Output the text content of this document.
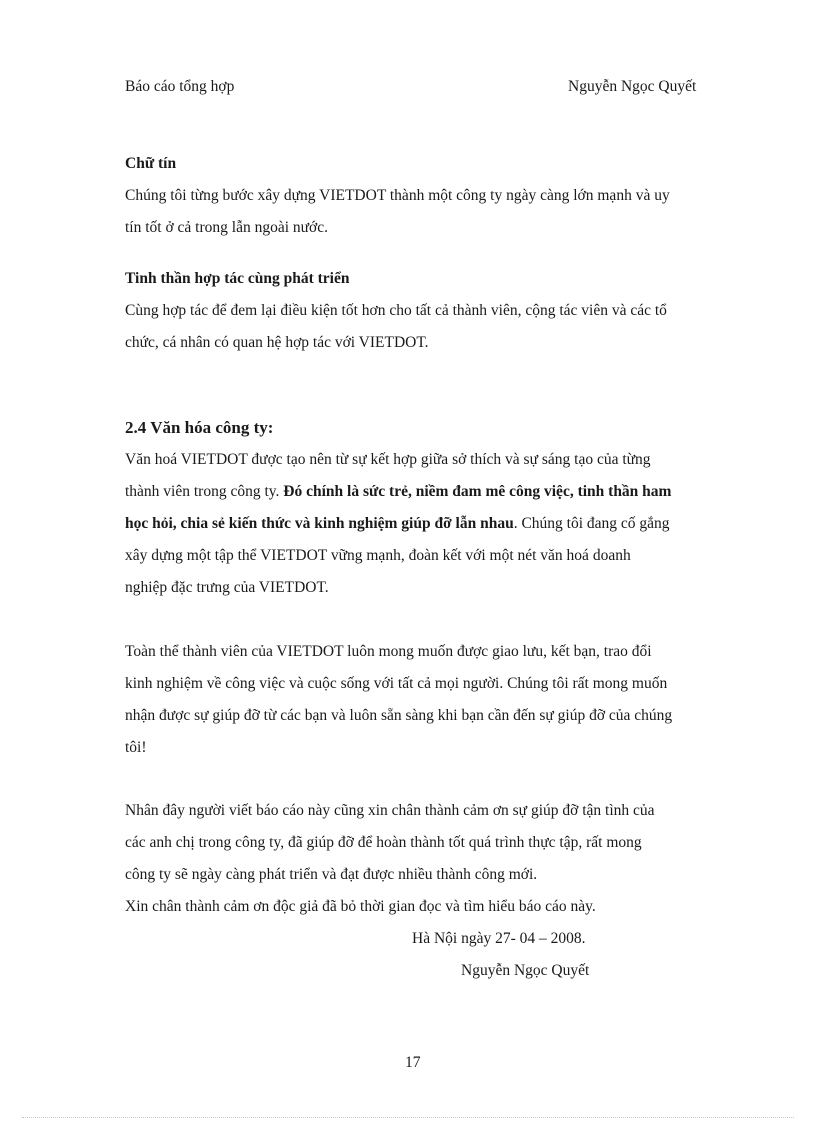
Báo cáo tổng hợp	Nguyễn Ngọc Quyết
Chữ tín
Chúng tôi từng bước xây dựng VIETDOT thành một công ty ngày càng lớn mạnh và uy
tín tốt ở cả trong lẫn ngoài nước.
Tinh thần hợp tác cùng phát triển
Cùng hợp tác để đem lại điều kiện tốt hơn cho tất cả thành viên, cộng tác viên và các tổ
chức, cá nhân có quan hệ hợp tác với VIETDOT.
2.4 Văn hóa công ty:
Văn hoá VIETDOT được tạo nên từ sự kết hợp giữa sở thích và sự sáng tạo của từng
thành viên trong công ty. Đó chính là sức trẻ, niềm đam mê công việc, tinh thần ham
học hỏi, chia sẻ kiến thức và kinh nghiệm giúp đỡ lẫn nhau. Chúng tôi đang cố gắng
xây dựng một tập thể VIETDOT vững mạnh, đoàn kết với một nét văn hoá doanh
nghiệp đặc trưng của VIETDOT.
Toàn thể thành viên của VIETDOT luôn mong muốn được giao lưu, kết bạn, trao đổi
kinh nghiệm về công việc và cuộc sống với tất cả mọi người. Chúng tôi rất mong muốn
nhận được sự giúp đỡ từ các bạn và luôn sẵn sàng khi bạn cần đến sự giúp đỡ của chúng
tôi!
Nhân đây người viết báo cáo này cũng xin chân thành cảm ơn sự giúp đỡ tận tình của
các anh chị trong công ty, đã giúp đỡ để hoàn thành tốt quá trình thực tập, rất mong
công ty sẽ ngày càng phát triển và đạt được nhiều thành công mới.
Xin chân thành cảm ơn độc giả đã bỏ thời gian đọc và tìm hiểu báo cáo này.
Hà Nội ngày 27- 04 – 2008.
Nguyễn Ngọc Quyết
17
